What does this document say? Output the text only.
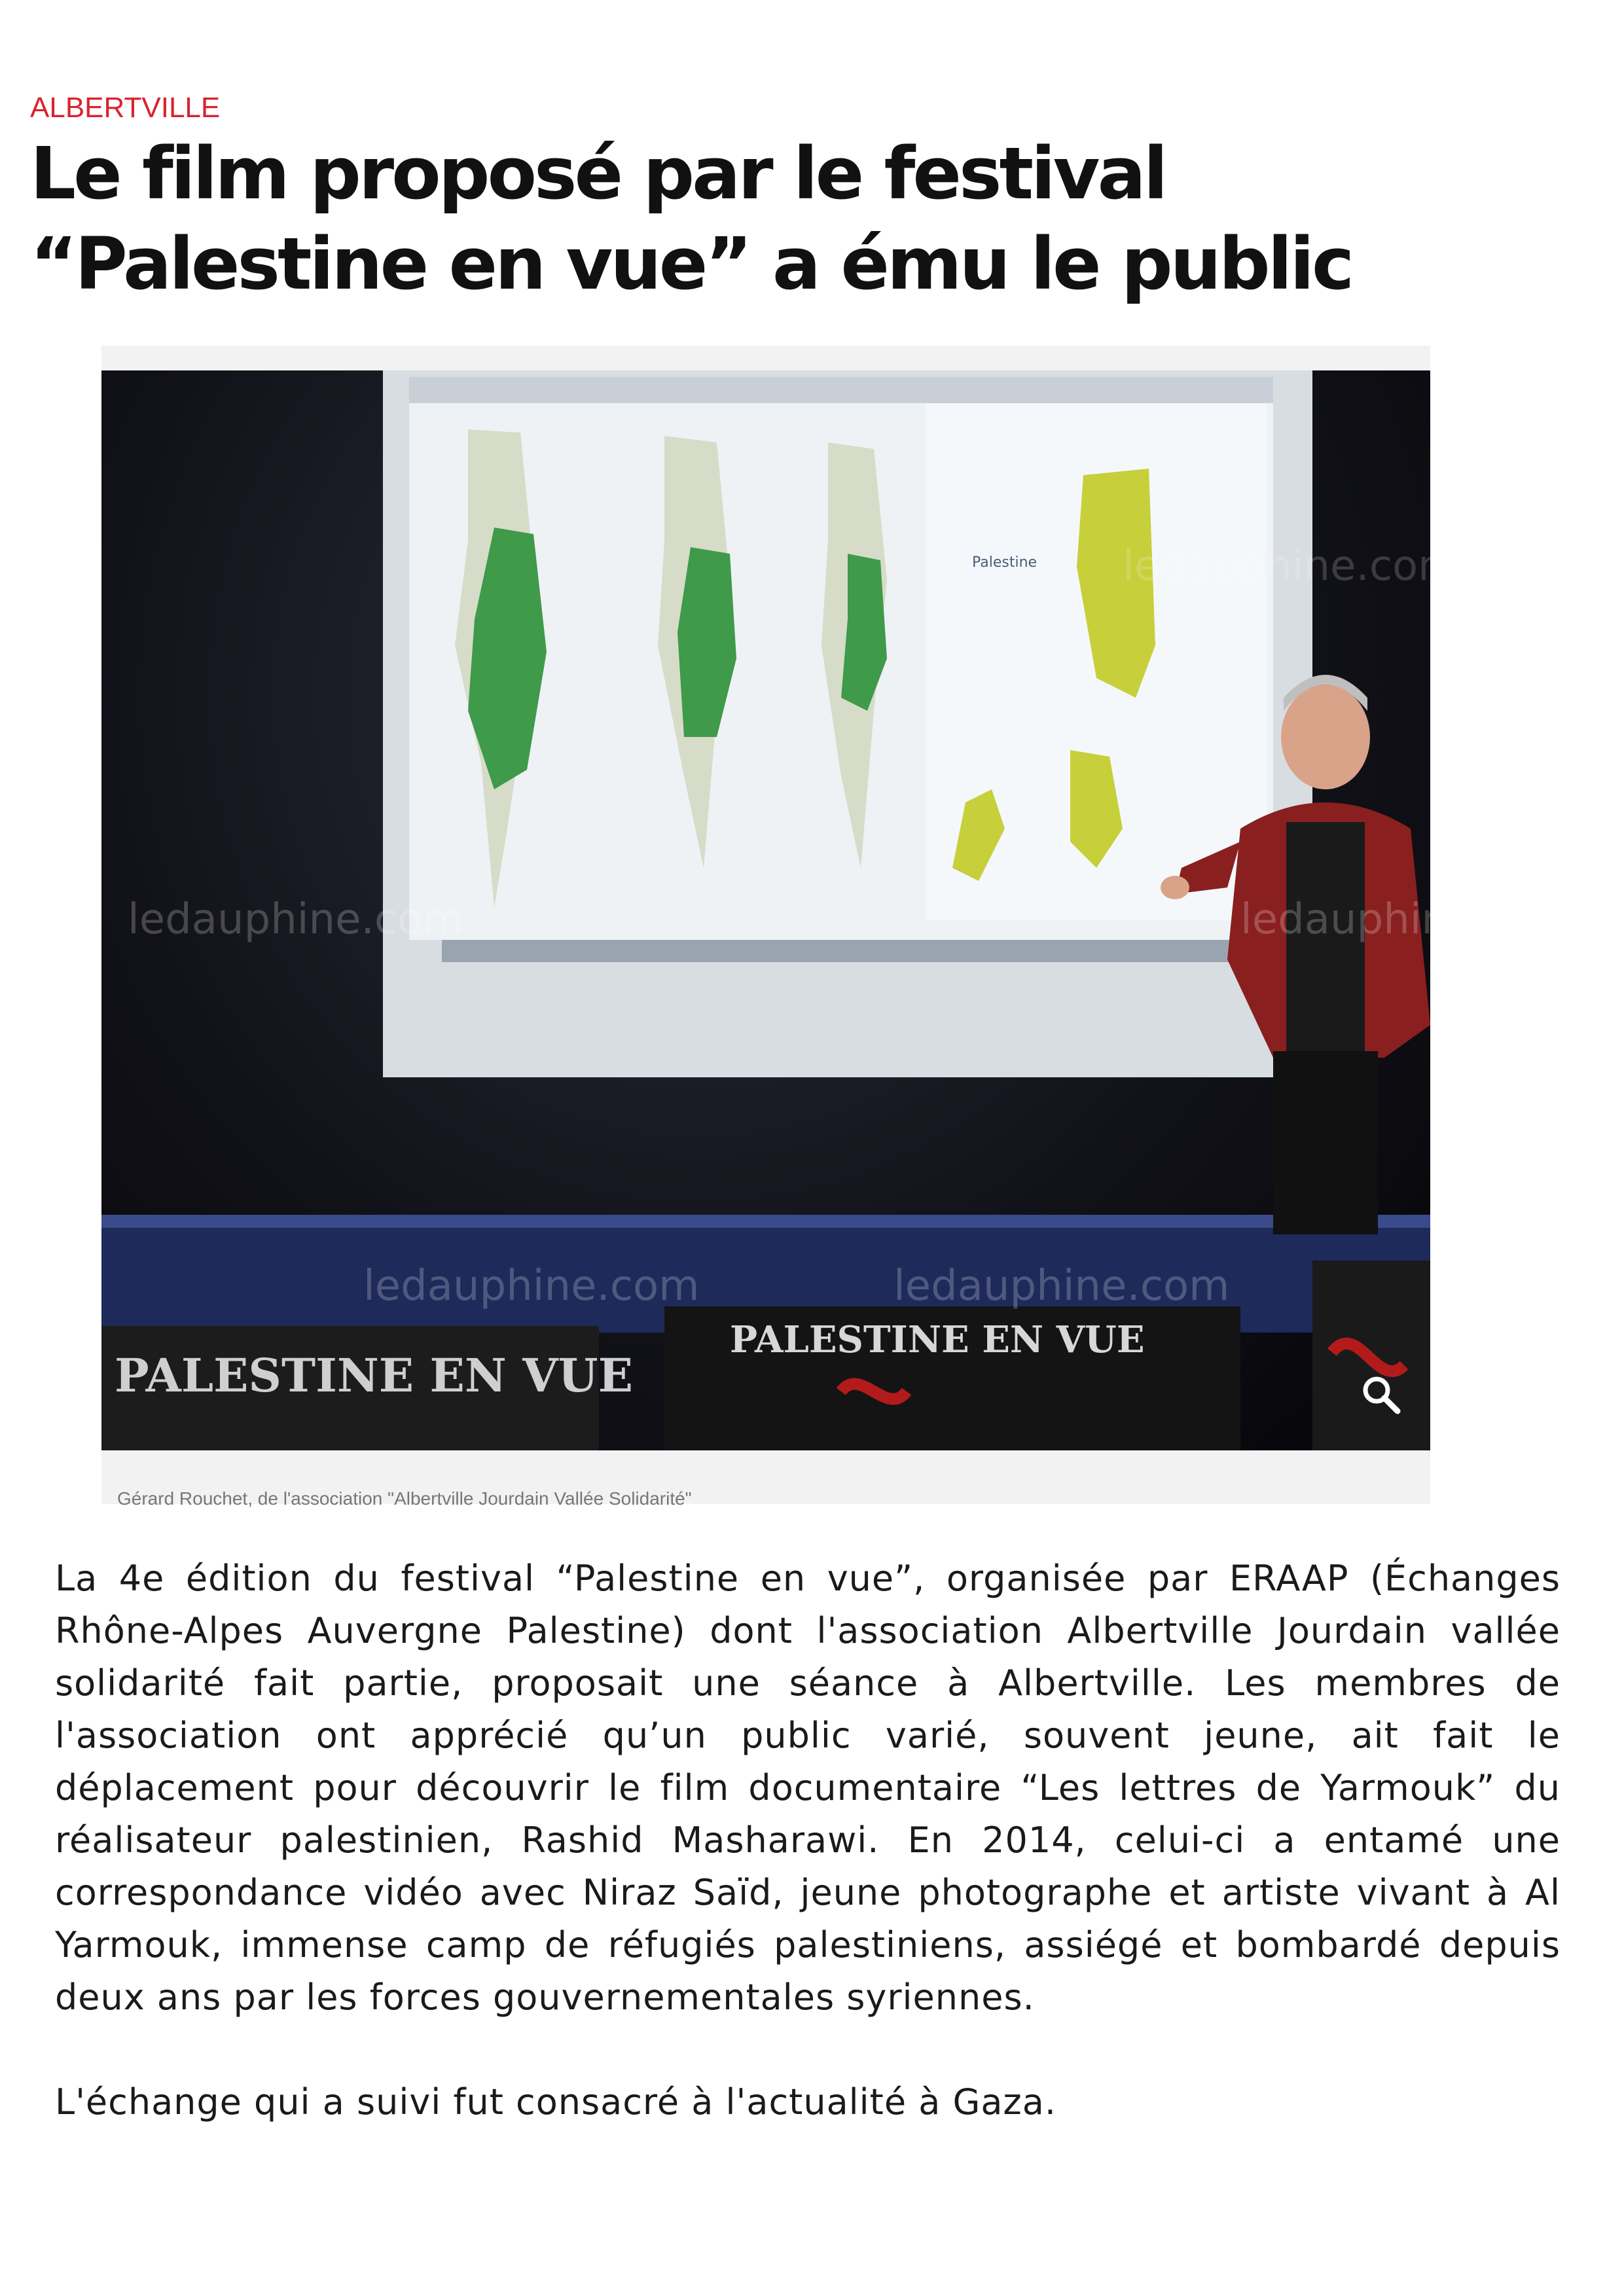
ALBERTVILLE
Le film proposé par le festival “Palestine en vue” a ému le public
Palestine
PALESTINE EN VUE
PALESTINE EN VUE
ledauphine.com	ledauphine.com
ledauphine.com	ledauphine.com
ledauphine.com
Gérard Rouchet, de l'association "Albertville Jourdain Vallée Solidarité"

La 4e édition du festival “Palestine en vue”, organisée par ERAAP (Échanges Rhône-Alpes Auvergne Palestine) dont l'association Albertville Jourdain vallée solidarité fait partie, proposait une séance à Albertville. Les membres de l'association ont apprécié qu’un public varié, souvent jeune, ait fait le déplacement pour découvrir le film documentaire “Les lettres de Yarmouk” du réalisateur palestinien, Rashid Masharawi. En 2014, celui-ci a entamé une correspondance vidéo avec Niraz Saïd, jeune photographe et artiste vivant à Al Yarmouk, immense camp de réfugiés palestiniens, assiégé et bombardé depuis deux ans par les forces gouvernementales syriennes.

L'échange qui a suivi fut consacré à l'actualité à Gaza.
